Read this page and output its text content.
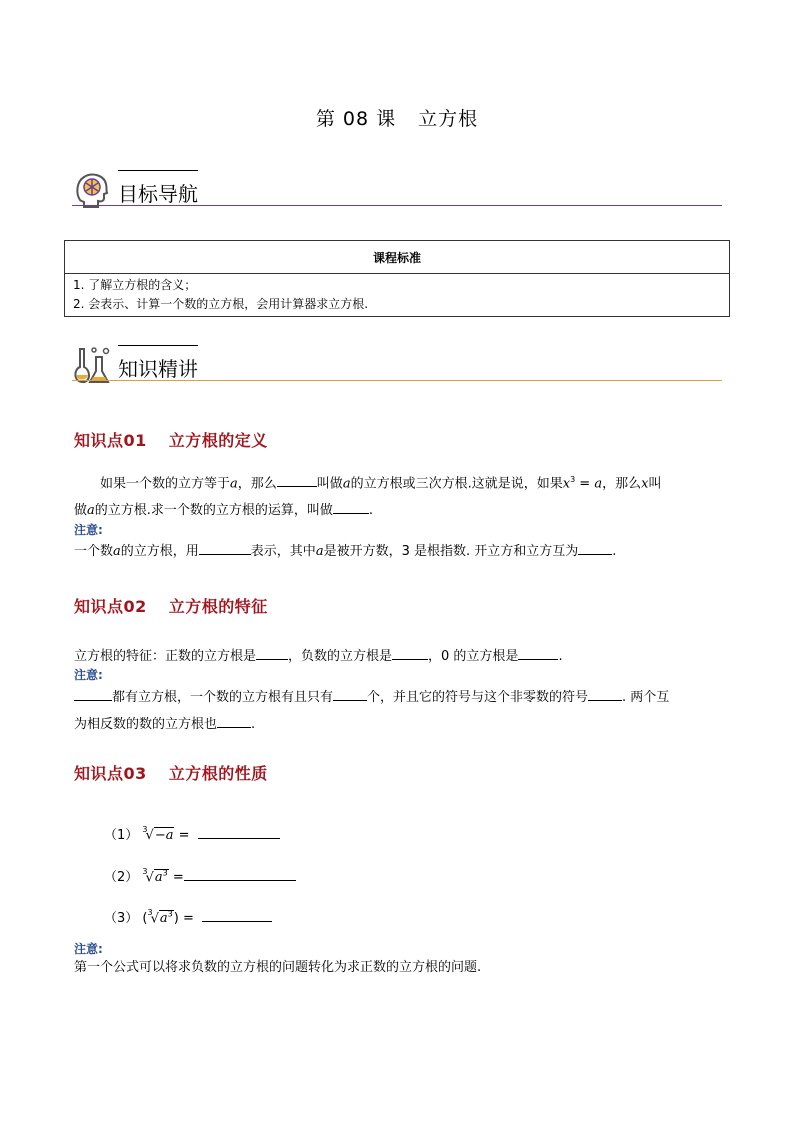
第 08 课 立方根
目标导航
课程标准

1. 了解立方根的含义；
2. 会表示、计算一个数的立方根，会用计算器求立方根.
知识精讲
知识点01 立方根的定义
如果一个数的立方等于a，那么	叫做a的立方根或三次方根.这就是说，如果$x^3 = a$，那么x叫
做a的立方根.求一个数的立方根的运算，叫做	.
注意:
一个数a的立方根，用	表示，其中a是被开方数，3 是根指数. 开立方和立方互为	.
知识点02 立方根的特征
立方根的特征：正数的立方根是 ，负数的立方根是	，0 的立方根是	.
注意:
都有立方根，一个数的立方根有且只有	个，并且它的符号与这个非零数的符号	. 两个互
为相反数的数的立方根也	.
知识点03 立方根的性质
（1） $^3$√−a =
（2） $^3√a^3$ =
（3） $(^3√a^3)$ =
注意:
第一个公式可以将求负数的立方根的问题转化为求正数的立方根的问题.
